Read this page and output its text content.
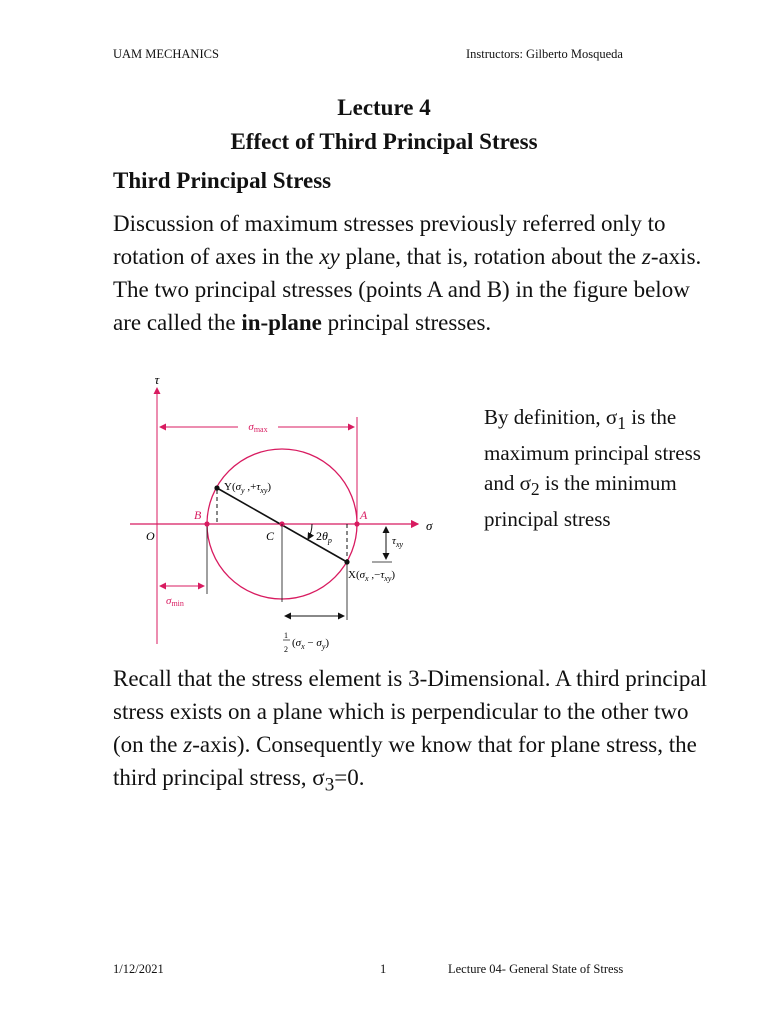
UAM MECHANICS	Instructors: Gilberto Mosqueda
Lecture 4
Effect of Third Principal Stress
Third Principal Stress

Discussion of maximum stresses previously referred only to rotation of axes in the xy plane, that is, rotation about the z-axis. The two principal stresses (points A and B) in the figure below are called the in-plane principal stresses.

τ
σ
O
σmax
σmin
B	A
C
$Y(\sigma_y$ $,+\tau_{xy}$)
$X(\sigma_x$ $,-\tau_{xy}$)
$2\theta_p$	$\tau_{xy}$
1 2 $(\sigma_x - \sigma_y)$
By definition, $\sigma_1$ is the maximum principal stress and $\sigma_2$ is the minimum principal stress

Recall that the stress element is 3-Dimensional. A third principal stress exists on a plane which is perpendicular to the other two (on the z-axis). Consequently we know that for plane stress, the third principal stress, $\sigma_3=0$.

1/12/2021	1	Lecture 04- General State of Stress
